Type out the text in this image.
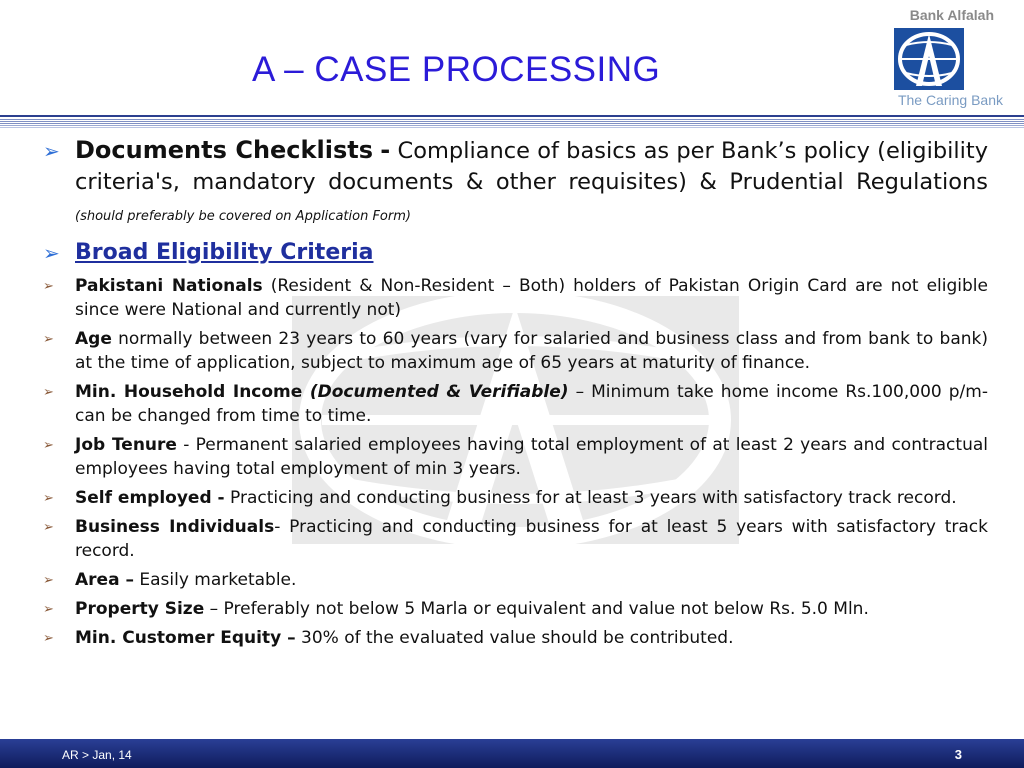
A – CASE PROCESSING
Bank Alfalah
The Caring Bank
➢ Documents Checklists - Compliance of basics as per Bank’s policy (eligibility criteria's, mandatory documents & other requisites) & Prudential Regulations (should preferably be covered on Application Form)
➢ Broad Eligibility Criteria
➢ Pakistani Nationals (Resident & Non-Resident – Both) holders of Pakistan Origin Card are not eligible since were National and currently not)
➢ Age normally between 23 years to 60 years (vary for salaried and business class and from bank to bank) at the time of application, subject to maximum age of 65 years at maturity of finance.
➢ Min. Household Income (Documented & Verifiable) – Minimum take home income Rs.100,000 p/m- can be changed from time to time.
➢ Job Tenure - Permanent salaried employees having total employment of at least 2 years and contractual employees having total employment of min 3 years.
➢ Self employed - Practicing and conducting business for at least 3 years with satisfactory track record.
➢ Business Individuals- Practicing and conducting business for at least 5 years with satisfactory track record.
➢ Area – Easily marketable.
➢ Property Size – Preferably not below 5 Marla or equivalent and value not below Rs. 5.0 Mln.
➢ Min. Customer Equity – 30% of the evaluated value should be contributed.
AR > Jan, 14	3
